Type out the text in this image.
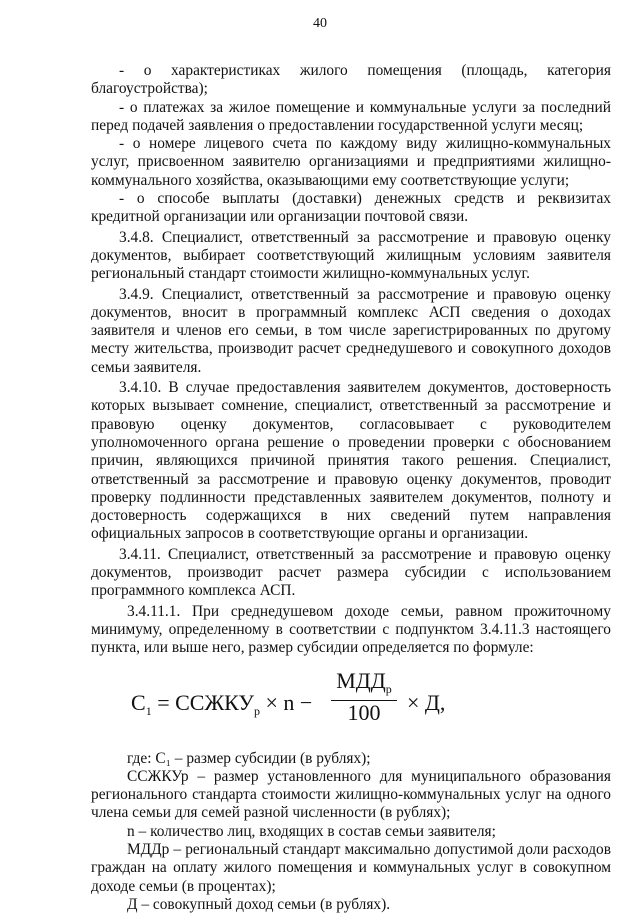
40

- о характеристиках жилого помещения (площадь, категория благоустройства);

- о платежах за жилое помещение и коммунальные услуги за последний перед подачей заявления о предоставлении государственной услуги месяц;

- о номере лицевого счета по каждому виду жилищно-коммунальных услуг, присвоенном заявителю организациями и предприятиями жилищно-коммунального хозяйства, оказывающими ему соответствующие услуги;

- о способе выплаты (доставки) денежных средств и реквизитах кредитной организации или организации почтовой связи.

3.4.8. Специалист, ответственный за рассмотрение и правовую оценку документов, выбирает соответствующий жилищным условиям заявителя региональный стандарт стоимости жилищно-коммунальных услуг.

3.4.9. Специалист, ответственный за рассмотрение и правовую оценку документов, вносит в программный комплекс АСП сведения о доходах заявителя и членов его семьи, в том числе зарегистрированных по другому месту жительства, производит расчет среднедушевого и совокупного доходов семьи заявителя.

3.4.10. В случае предоставления заявителем документов, достоверность которых вызывает сомнение, специалист, ответственный за рассмотрение и правовую оценку документов, согласовывает с руководителем уполномоченного органа решение о проведении проверки с обоснованием причин, являющихся причиной принятия такого решения. Специалист, ответственный за рассмотрение и правовую оценку документов, проводит проверку подлинности представленных заявителем документов, полноту и достоверность содержащихся в них сведений путем направления официальных запросов в соответствующие органы и организации.

3.4.11. Специалист, ответственный за рассмотрение и правовую оценку документов, производит расчет размера субсидии с использованием программного комплекса АСП.

3.4.11.1. При среднедушевом доходе семьи, равном прожиточному минимуму, определенному в соответствии с подпунктом 3.4.11.3 настоящего пункта, или выше него, размер субсидии определяется по формуле:

$C_1$ = $ССЖКУ_р \times n$ −
$МДД_р$
100	× Д,

где: С₁ – размер субсидии (в рублях);

ССЖКУр – размер установленного для муниципального образования регионального стандарта стоимости жилищно-коммунальных услуг на одного члена семьи для семей разной численности (в рублях);

n – количество лиц, входящих в состав семьи заявителя;

МДДр – региональный стандарт максимально допустимой доли расходов граждан на оплату жилого помещения и коммунальных услуг в совокупном доходе семьи (в процентах);

Д – совокупный доход семьи (в рублях).
